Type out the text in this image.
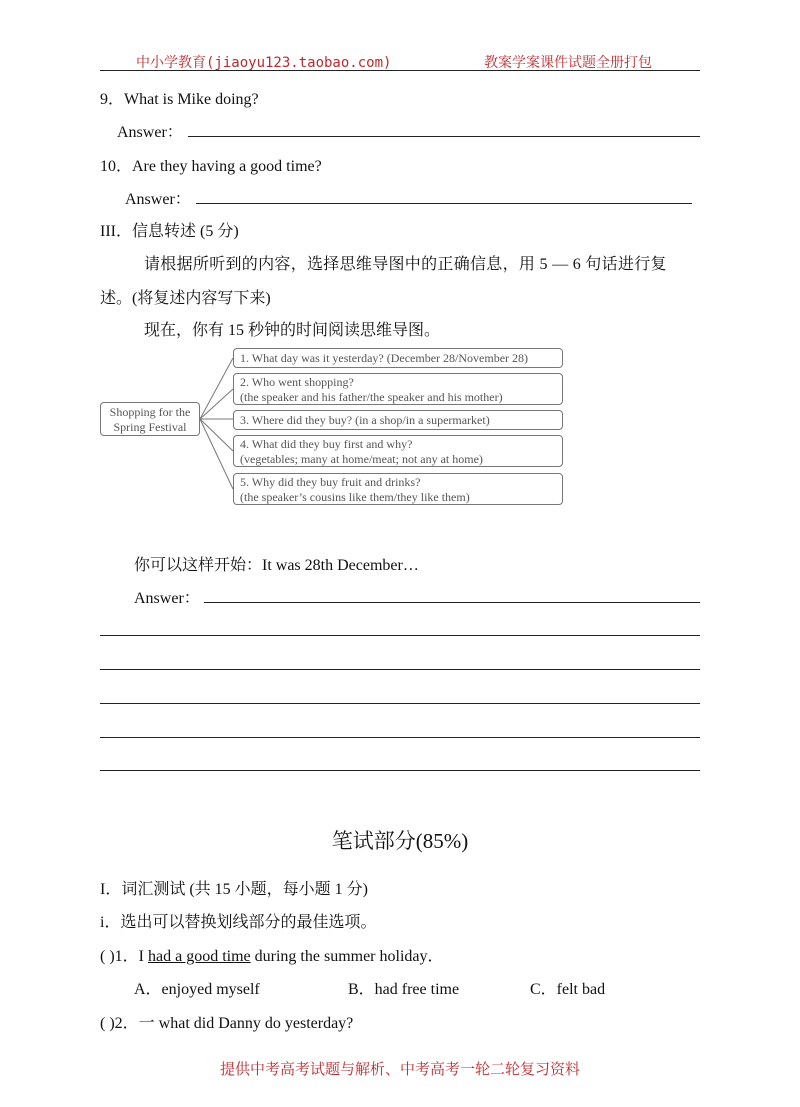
中小学教育(jiaoyu123.taobao.com)	教案学案课件试题全册打包
9．What is Mike doing?
Answer：
10．Are they having a good time?
Answer：
III．信息转述 (5 分)
请根据所听到的内容，选择思维导图中的正确信息，用 5 — 6 句话进行复
述。(将复述内容写下来)
现在，你有 15 秒钟的时间阅读思维导图。
Shopping for the
Spring Festival
1. What day was it yesterday? (December 28/November 28)
2. Who went shopping?
(the speaker and his father/the speaker and his mother)
3. Where did they buy? (in a shop/in a supermarket)
4. What did they buy first and why?
(vegetables; many at home/meat; not any at home)
5. Why did they buy fruit and drinks?
(the speaker’s cousins like them/they like them)
你可以这样开始：It was 28th December…
Answer：
笔试部分(85%)
I．词汇测试 (共 15 小题，每小题 1 分)
i．选出可以替换划线部分的最佳选项。
( )1．I had a good time during the summer holiday．
A．enjoyed myself	B．had free time	C．felt bad
( )2．一 what did Danny do yesterday?
提供中考高考试题与解析、中考高考一轮二轮复习资料
